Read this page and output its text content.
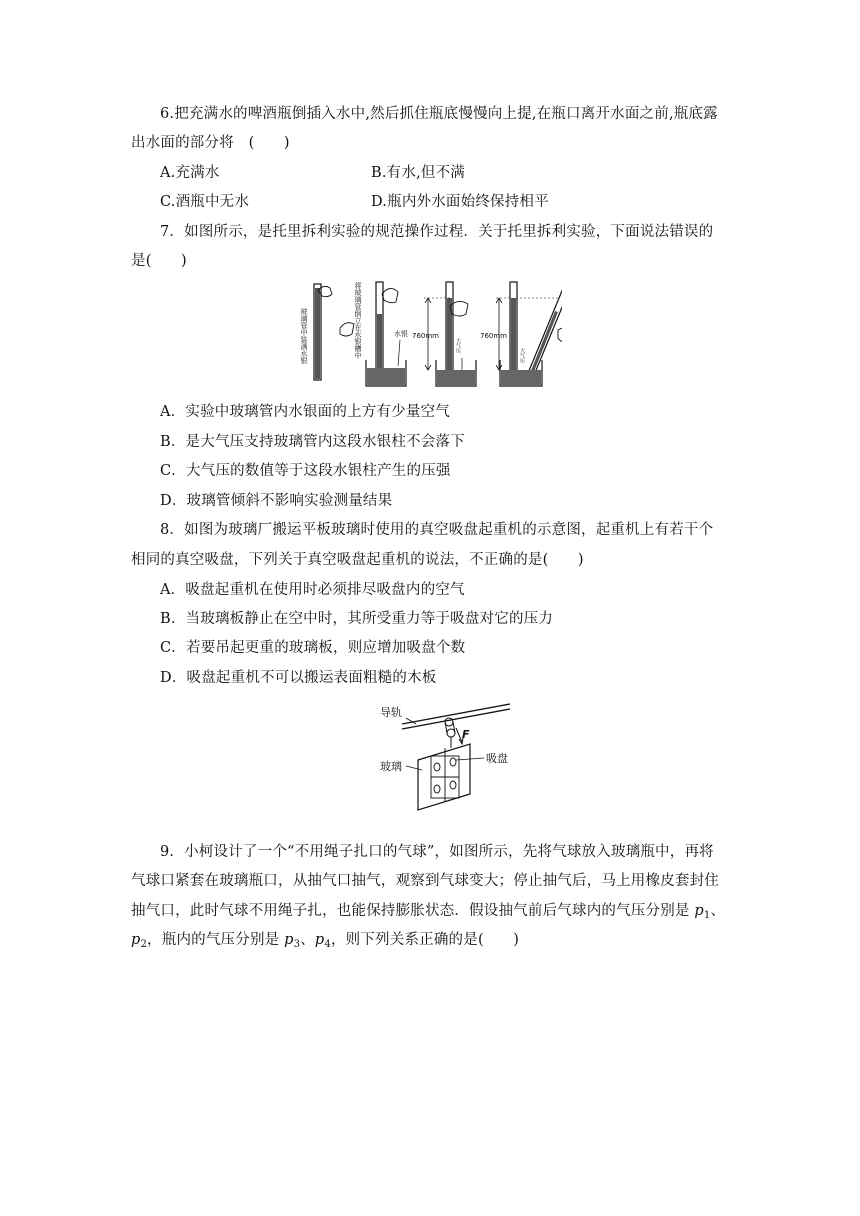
6.把充满水的啤酒瓶倒插入水中,然后抓住瓶底慢慢向上提,在瓶口离开水面之前,瓶底露
出水面的部分将　(　　)
A.充满水	B.有水,但不满
C.酒瓶中无水	D.瓶内外水面始终保持相平
7．如图所示，是托里拆利实验的规范操作过程．关于托里拆利实验，下面说法错误的
是(　　)
玻璃管中装满水银	将玻璃管倒立在水银槽中	水银 760mm
大气压
760mm
大气压
A．实验中玻璃管内水银面的上方有少量空气
B．是大气压支持玻璃管内这段水银柱不会落下
C．大气压的数值等于这段水银柱产生的压强
D．玻璃管倾斜不影响实验测量结果
8．如图为玻璃厂搬运平板玻璃时使用的真空吸盘起重机的示意图，起重机上有若干个
相同的真空吸盘，下列关于真空吸盘起重机的说法，不正确的是(　　)
A．吸盘起重机在使用时必须排尽吸盘内的空气
B．当玻璃板静止在空中时，其所受重力等于吸盘对它的压力
C．若要吊起更重的玻璃板，则应增加吸盘个数
D．吸盘起重机不可以搬运表面粗糙的木板
导轨
F
玻璃
吸盘
9．小柯设计了一个“不用绳子扎口的气球”，如图所示，先将气球放入玻璃瓶中，再将
气球口紧套在玻璃瓶口，从抽气口抽气，观察到气球变大；停止抽气后，马上用橡皮套封住
抽气口，此时气球不用绳子扎，也能保持膨胀状态．假设抽气前后气球内的气压分别是 $p_1$、
$p_2$，瓶内的气压分别是 $p_3$、$p_4$，则下列关系正确的是(　　)
